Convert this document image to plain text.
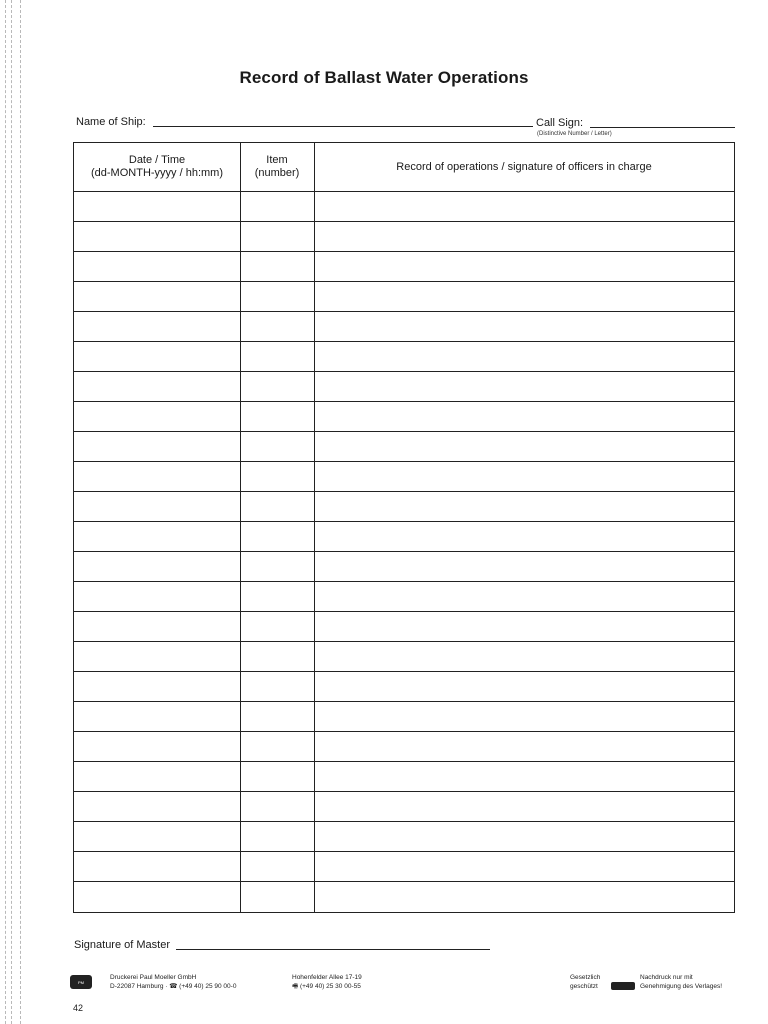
Record of Ballast Water Operations
Name of Ship:	Call Sign:
(Distinctive Number / Letter)
Date / Time
(dd-MONTH-yyyy / hh:mm)
Item
(number)
Record of operations / signature of officers in charge
Signature of Master
PM
Druckerei Paul Moeller GmbH
D-22087 Hamburg · ☎ (+49 40) 25 90 00-0
Hohenfelder Allee 17-19
🖷 (+49 40) 25 30 00-55
Gesetzlich
geschützt
Nachdruck nur mit
Genehmigung des Verlages!
42
